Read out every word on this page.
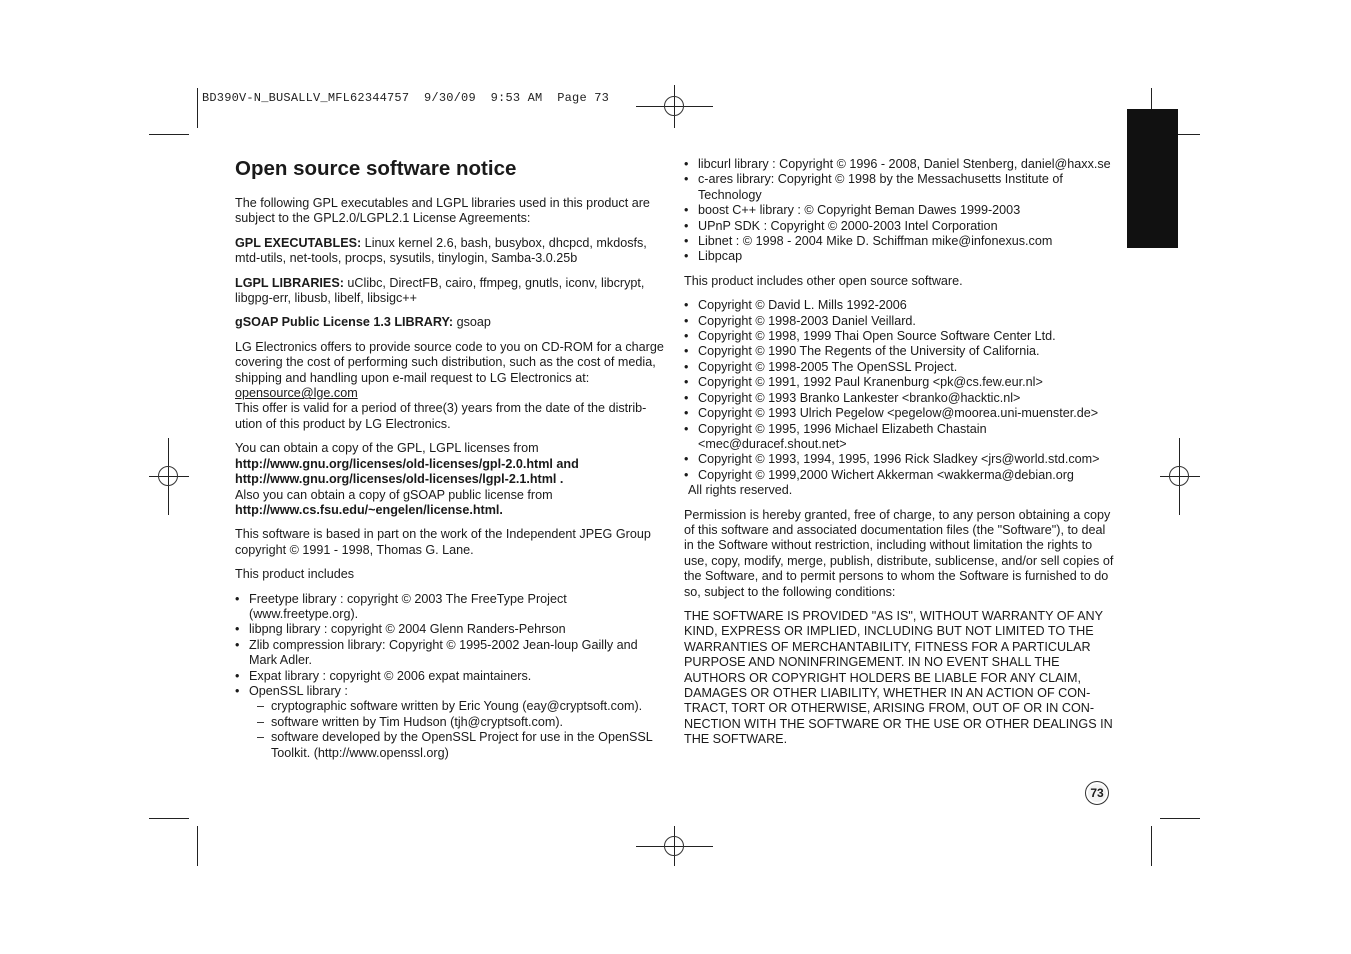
BD390V-N_BUSALLV_MFL62344757  9/30/09  9:53 AM  Page 73
Open source software notice

The following GPL executables and LGPL libraries used in this product are subject to the GPL2.0/LGPL2.1 License Agreements:

GPL EXECUTABLES: Linux kernel 2.6, bash, busybox, dhcpcd, mkdosfs, mtd-utils, net-tools, procps, sysutils, tinylogin, Samba-3.0.25b

LGPL LIBRARIES: uClibc, DirectFB, cairo, ffmpeg, gnutls, iconv, libcrypt, libgpg-err, libusb, libelf, libsigc++

gSOAP Public License 1.3 LIBRARY: gsoap

LG Electronics offers to provide source code to you on CD-ROM for a charge covering the cost of performing such distribution, such as the cost of media, shipping and handling upon e-mail request to LG Electronics at:
opensource@lge.com
This offer is valid for a period of three(3) years from the date of the distrib-ution of this product by LG Electronics.

You can obtain a copy of the GPL, LGPL licenses from
http://www.gnu.org/licenses/old-licenses/gpl-2.0.html and
http://www.gnu.org/licenses/old-licenses/lgpl-2.1.html .
Also you can obtain a copy of gSOAP public license from
http://www.cs.fsu.edu/~engelen/license.html.

This software is based in part on the work of the Independent JPEG Group copyright © 1991 - 1998, Thomas G. Lane.

This product includes

• Freetype library : copyright © 2003 The FreeType Project (www.freetype.org).
• libpng library : copyright © 2004 Glenn Randers-Pehrson
• Zlib compression library: Copyright © 1995-2002 Jean-loup Gailly and Mark Adler.
• Expat library : copyright © 2006 expat maintainers.
• OpenSSL library :
– cryptographic software written by Eric Young (eay@cryptsoft.com).
– software written by Tim Hudson (tjh@cryptsoft.com).
– software developed by the OpenSSL Project for use in the OpenSSL Toolkit. (http://www.openssl.org)
• libcurl library : Copyright © 1996 - 2008, Daniel Stenberg, daniel@haxx.se
• c-ares library: Copyright © 1998 by the Messachusetts Institute of Technology
• boost C++ library : © Copyright Beman Dawes 1999-2003
• UPnP SDK : Copyright © 2000-2003 Intel Corporation
• Libnet : © 1998 - 2004 Mike D. Schiffman mike@infonexus.com
• Libpcap

This product includes other open source software.

• Copyright © David L. Mills 1992-2006
• Copyright © 1998-2003 Daniel Veillard.
• Copyright © 1998, 1999 Thai Open Source Software Center Ltd.
• Copyright © 1990 The Regents of the University of California.
• Copyright © 1998-2005 The OpenSSL Project.
• Copyright © 1991, 1992 Paul Kranenburg <pk@cs.few.eur.nl>
• Copyright © 1993 Branko Lankester <branko@hacktic.nl>
• Copyright © 1993 Ulrich Pegelow <pegelow@moorea.uni-muenster.de>
• Copyright © 1995, 1996 Michael Elizabeth Chastain <mec@duracef.shout.net>
• Copyright © 1993, 1994, 1995, 1996 Rick Sladkey <jrs@world.std.com>
• Copyright © 1999,2000 Wichert Akkerman <wakkerma@debian.org

All rights reserved.

Permission is hereby granted, free of charge, to any person obtaining a copy of this software and associated documentation files (the "Software"), to deal in the Software without restriction, including without limitation the rights to use, copy, modify, merge, publish, distribute, sublicense, and/or sell copies of the Software, and to permit persons to whom the Software is furnished to do so, subject to the following conditions:

THE SOFTWARE IS PROVIDED "AS IS", WITHOUT WARRANTY OF ANY KIND, EXPRESS OR IMPLIED, INCLUDING BUT NOT LIMITED TO THE WARRANTIES OF MERCHANTABILITY, FITNESS FOR A PARTICULAR PURPOSE AND NONINFRINGEMENT. IN NO EVENT SHALL THE AUTHORS OR COPYRIGHT HOLDERS BE LIABLE FOR ANY CLAIM, DAMAGES OR OTHER LIABILITY, WHETHER IN AN ACTION OF CON-TRACT, TORT OR OTHERWISE, ARISING FROM, OUT OF OR IN CON-NECTION WITH THE SOFTWARE OR THE USE OR OTHER DEALINGS IN THE SOFTWARE.

73
